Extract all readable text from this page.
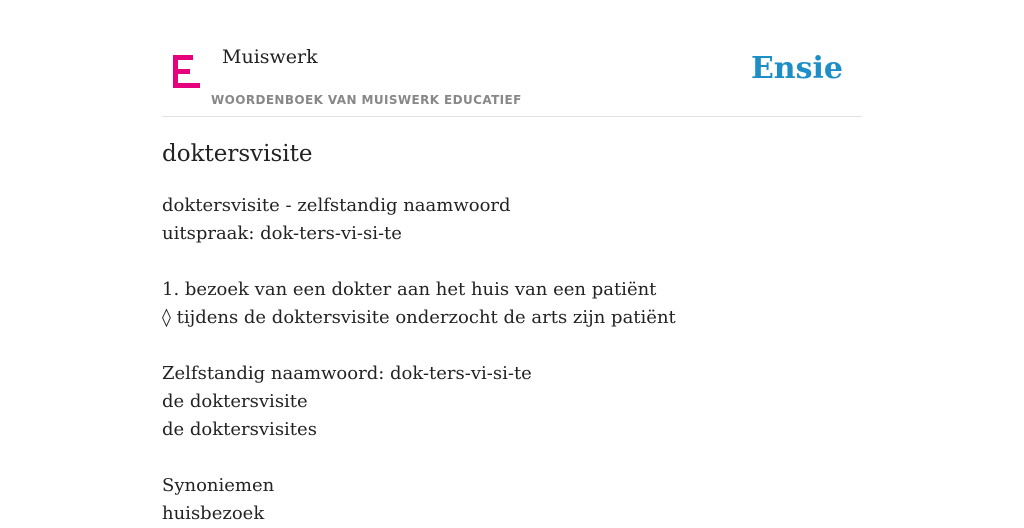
Muiswerk
WOORDENBOEK VAN MUISWERK EDUCATIEF
Ensie
doktersvisite
doktersvisite - zelfstandig naamwoord
uitspraak: dok-ters-vi-si-te
1. bezoek van een dokter aan het huis van een patiënt
◊ tijdens de doktersvisite onderzocht de arts zijn patiënt
Zelfstandig naamwoord: dok-ters-vi-si-te
de doktersvisite
de doktersvisites
Synoniemen
huisbezoek
